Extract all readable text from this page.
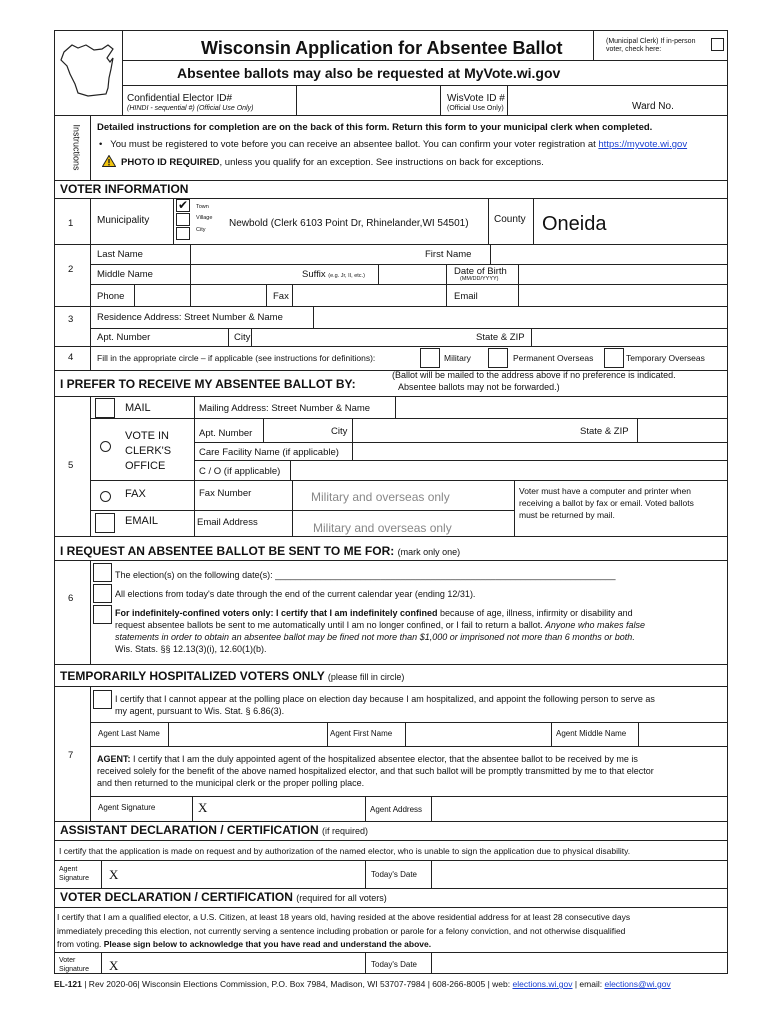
Wisconsin Application for Absentee Ballot	(Municipal Clerk) If in-person
voter, check here:
Absentee ballots may also be requested at MyVote.wi.gov
Confidential Elector ID#
(HINDI - sequential #) (Official Use Only)
WisVote ID #
(Official Use Only)	Ward No.
Instructions Detailed instructions for completion are on the back of this form. Return this form to your municipal clerk when completed.
•   You must be registered to vote before you can receive an absentee ballot. You can confirm your voter registration at https://myvote.wi.gov
PHOTO ID REQUIRED, unless you qualify for an exception. See instructions on back for exceptions.
VOTER INFORMATION
1 Municipality
✔ Town
Village
City
Newbold (Clerk 6103 Point Dr, Rhinelander,WI 54501)	County Oneida
2
Last Name	First Name
Middle Name	Suffix (e.g. Jr, II, etc.)	Date of Birth
(MM/DD/YYYY)
Phone	Fax	Email
3 Residence Address: Street Number & Name
Apt. Number	City	State & ZIP
4	Fill in the appropriate circle – if applicable (see instructions for definitions):	Military	Permanent Overseas	Temporary Overseas
I PREFER TO RECEIVE MY ABSENTEE BALLOT BY:
(Ballot will be mailed to the address above if no preference is indicated.
Absentee ballots may not be forwarded.)
5
MAIL	Mailing Address: Street Number & Name
VOTE IN
CLERK'S
OFFICE
Apt. Number	City	State & ZIP
Care Facility Name (if applicable)
C / O (if applicable)
FAX	Fax Number	Military and overseas only	Voter must have a computer and printer when
receiving a ballot by fax or email. Voted ballots
must be returned by mail.
EMAIL	Email Address	Military and overseas only
I REQUEST AN ABSENTEE BALLOT BE SENT TO ME FOR: (mark only one)
6
The election(s) on the following date(s): ____________________________________________________________________
All elections from today's date through the end of the current calendar year (ending 12/31).
For indefinitely-confined voters only: I certify that I am indefinitely confined because of age, illness, infirmity or disability and
request absentee ballots be sent to me automatically until I am no longer confined, or I fail to return a ballot. Anyone who makes false
statements in order to obtain an absentee ballot may be fined not more than $1,000 or imprisoned not more than 6 months or both.
Wis. Stats. §§ 12.13(3)(i), 12.60(1)(b).
TEMPORARILY HOSPITALIZED VOTERS ONLY (please fill in circle)
7
I certify that I cannot appear at the polling place on election day because I am hospitalized, and appoint the following person to serve as
my agent, pursuant to Wis. Stat. § 6.86(3).
Agent Last Name	Agent First Name	Agent Middle Name
AGENT: I certify that I am the duly appointed agent of the hospitalized absentee elector, that the absentee ballot to be received by me is
received solely for the benefit of the above named hospitalized elector, and that such ballot will be promptly transmitted by me to that elector
and then returned to the municipal clerk or the proper polling place.
Agent Signature	X	Agent Address
ASSISTANT DECLARATION / CERTIFICATION (if required)
I certify that the application is made on request and by authorization of the named elector, who is unable to sign the application due to physical disability.
Agent
Signature X	Today's Date
VOTER DECLARATION / CERTIFICATION (required for all voters)
I certify that I am a qualified elector, a U.S. Citizen, at least 18 years old, having resided at the above residential address for at least 28 consecutive days
immediately preceding this election, not currently serving a sentence including probation or parole for a felony conviction, and not otherwise disqualified
from voting. Please sign below to acknowledge that you have read and understand the above.
Voter
Signature X	Today's Date
EL-121 | Rev 2020-06| Wisconsin Elections Commission, P.O. Box 7984, Madison, WI 53707-7984 | 608-266-8005 | web: elections.wi.gov | email: elections@wi.gov
